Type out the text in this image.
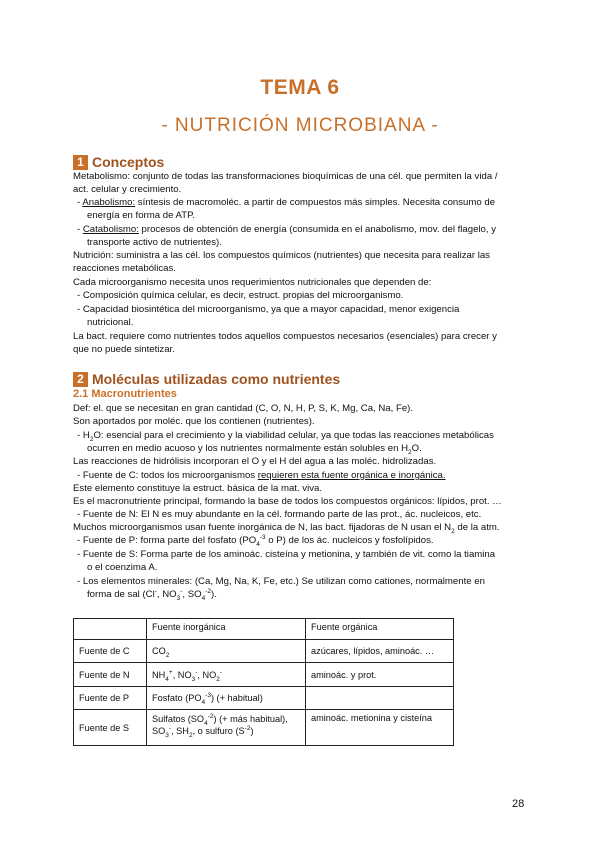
TEMA 6
- NUTRICIÓN MICROBIANA -
1 Conceptos
Metabolismo: conjunto de todas las transformaciones bioquímicas de una cél. que permiten la vida /
act. celular y crecimiento.
- Anabolismo: síntesis de macromoléc. a partir de compuestos más simples. Necesita consumo de
energía en forma de ATP.
- Catabolismo: procesos de obtención de energía (consumida en el anabolismo, mov. del flagelo, y
transporte activo de nutrientes).
Nutrición: suministra a las cél. los compuestos químicos (nutrientes) que necesita para realizar las
reacciones metabólicas.
Cada microorganismo necesita unos requerimientos nutricionales que dependen de:
- Composición química celular, es decir, estruct. propias del microorganismo.
- Capacidad biosintética del microorganismo, ya que a mayor capacidad, menor exigencia
nutricional.
La bact. requiere como nutrientes todos aquellos compuestos necesarios (esenciales) para crecer y
que no puede sintetizar.
2 Moléculas utilizadas como nutrientes
2.1 Macronutrientes
Def: el. que se necesitan en gran cantidad (C, O, N, H, P, S, K, Mg, Ca, Na, Fe).
Son aportados por moléc. que los contienen (nutrientes).
- $H_2O$: esencial para el crecimiento y la viabilidad celular, ya que todas las reacciones metabólicas
ocurren en medio acuoso y los nutrientes normalmente están solubles en $H_2O$.
Las reacciones de hidrólisis incorporan el O y el H del agua a las moléc. hidrolizadas.
- Fuente de C: todos los microorganismos requieren esta fuente orgánica e inorgánica.
Este elemento constituye la estruct. básica de la mat. viva.
Es el macronutriente principal, formando la base de todos los compuestos orgánicos: lípidos, prot. …
- Fuente de N: El N es muy abundante en la cél. formando parte de las prot., ác. nucleicos, etc.
Muchos microorganismos usan fuente inorgánica de N, las bact. fijadoras de N usan el $N_2$ de la atm.
- Fuente de P: forma parte del fosfato ($PO_4^{-3}$ o P) de los ác. nucleicos y fosfolípidos.
- Fuente de S: Forma parte de los aminoác. cisteína y metionina, y también de vit. como la tiamina
o el coenzima A.
- Los elementos minerales: (Ca, Mg, Na, K, Fe, etc.) Se utilizan como cationes, normalmente en
forma de sal (Cl-, $NO_3^-$, $SO_4^{-2}$).
	Fuente inorgánica	Fuente orgánica
Fuente de C	$CO_2$	azúcares, lípidos, aminoác. …
Fuente de N	$NH_4^+$, $NO_3^-$, $NO_2^-$	aminoác. y prot.
Fuente de P	Fosfato $(PO_4^{-3})$ (+ habitual)	
Fuente de S	Sulfatos $(SO_4^{-2})$ (+ más habitual),
$SO_3^-$, $SH_2$, o sulfuro $(S^{-2})$	aminoác. metionina y cisteína
28
